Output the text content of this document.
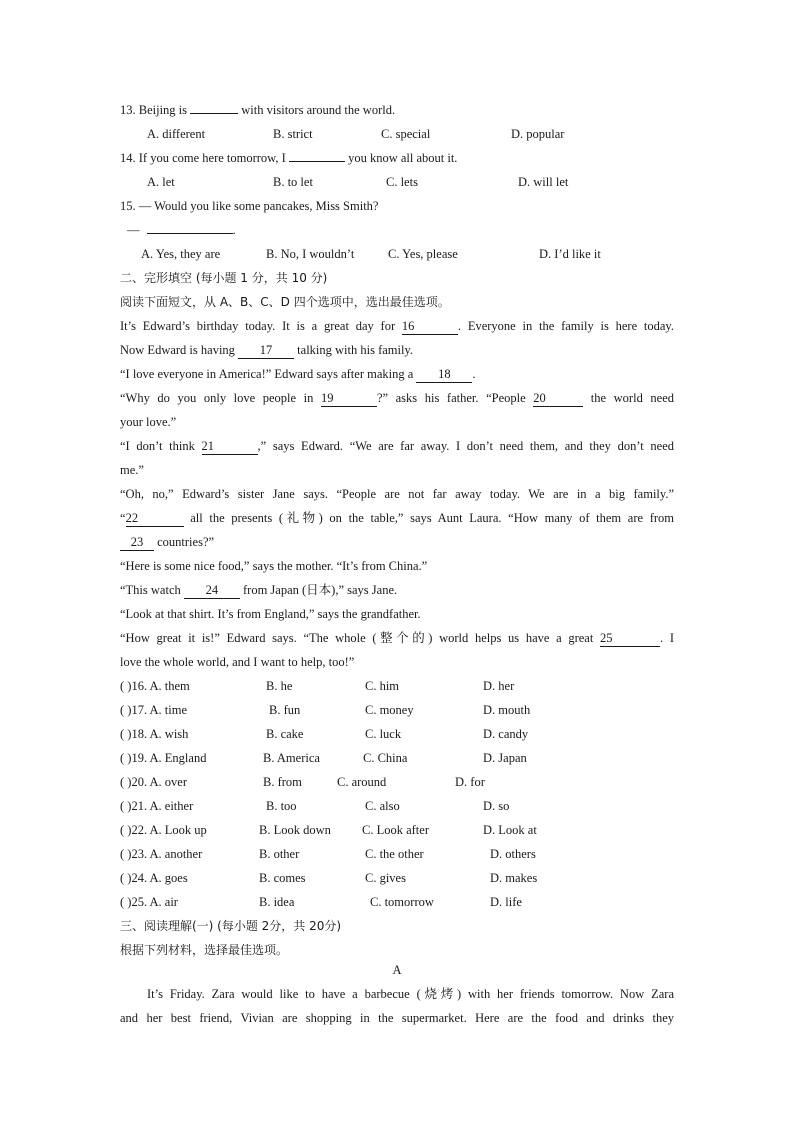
13. Beijing is	with visitors around the world.
A. different	B. strict	C. special	D. popular
14. If you come here tomorrow, I	you know all about it.
A. let	B. to let	C. lets	D. will let
15. — Would you like some pancakes, Miss Smith?
—	.
A. Yes, they are	B. No, I wouldn’t	C. Yes, please	D. I’d like it
二、完形填空 (每小题 1 分，共 10 分)
阅读下面短文，从 A、B、C、D 四个选项中，选出最佳选项。
It’s Edward’s birthday today. It is a great day for 16	. Everyone in the family is here today.
Now Edward is having 17 talking with his family.
“I love everyone in America!” Edward says after making a 18 .
“Why do you only love people in 19	?” asks his father. “People 20	the world need
your love.”
“I don’t think 21	,” says Edward. “We are far away. I don’t need them, and they don’t need
me.”
“Oh, no,” Edward’s sister Jane says. “People are not far away today. We are in a big family.”
“22	all the presents (礼物) on the table,” says Aunt Laura. “How many of them are from
23 countries?”
“Here is some nice food,” says the mother. “It’s from China.”
“This watch 24 from Japan (日本),” says Jane.
“Look at that shirt. It’s from England,” says the grandfather.
“How great it is!” Edward says. “The whole (整个的) world helps us have a great 25	. I
love the whole world, and I want to help, too!”
( )16. A. them	B. he	C. him	D. her
( )17. A. time	B. fun	C. money	D. mouth
( )18. A. wish	B. cake	C. luck	D. candy
( )19. A. England	B. America	C. China	D. Japan
( )20. A. over	B. from	C. around	D. for
( )21. A. either	B. too	C. also	D. so
( )22. A. Look up	B. Look down C. Look after	D. Look at
( )23. A. another	B. other	C. the other	D. others
( )24. A. goes	B. comes	C. gives	D. makes
( )25. A. air	B. idea	C. tomorrow	D. life
三、阅读理解(一) (每小题 2分，共 20分)
根据下列材料，选择最佳选项。
A
It’s Friday. Zara would like to have a barbecue (烧烤) with her friends tomorrow. Now Zara
and her best friend, Vivian are shopping in the supermarket. Here are the food and drinks they
